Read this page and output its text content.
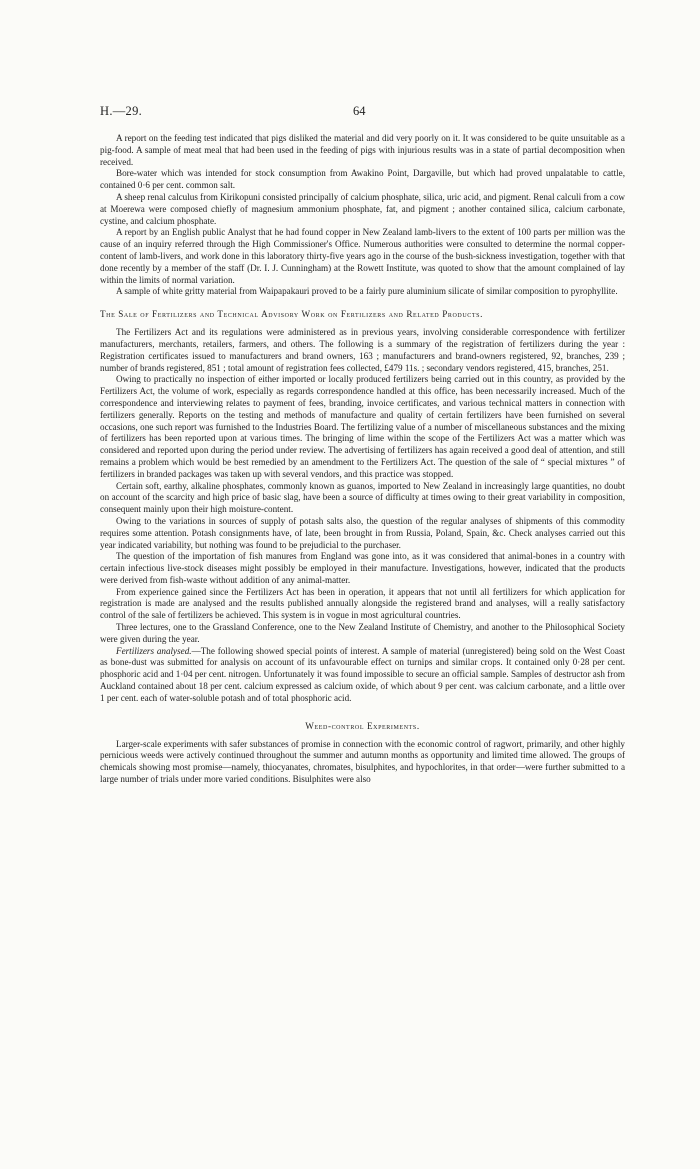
H.—29.	64

A report on the feeding test indicated that pigs disliked the material and did very poorly on it. It was considered to be quite unsuitable as a pig-food. A sample of meat meal that had been used in the feeding of pigs with injurious results was in a state of partial decomposition when received.

Bore-water which was intended for stock consumption from Awakino Point, Dargaville, but which had proved unpalatable to cattle, contained 0·6 per cent. common salt.

A sheep renal calculus from Kirikopuni consisted principally of calcium phosphate, silica, uric acid, and pigment. Renal calculi from a cow at Moerewa were composed chiefly of magnesium ammonium phosphate, fat, and pigment ; another contained silica, calcium carbonate, cystine, and calcium phosphate.

A report by an English public Analyst that he had found copper in New Zealand lamb-livers to the extent of 100 parts per million was the cause of an inquiry referred through the High Commissioner's Office. Numerous authorities were consulted to determine the normal copper-content of lamb-livers, and work done in this laboratory thirty-five years ago in the course of the bush-sickness investigation, together with that done recently by a member of the staff (Dr. I. J. Cunningham) at the Rowett Institute, was quoted to show that the amount complained of lay within the limits of normal variation.

A sample of white gritty material from Waipapakauri proved to be a fairly pure aluminium silicate of similar composition to pyrophyllite.

The Sale of Fertilizers and Technical Advisory Work on Fertilizers and Related Products.

The Fertilizers Act and its regulations were administered as in previous years, involving considerable correspondence with fertilizer manufacturers, merchants, retailers, farmers, and others. The following is a summary of the registration of fertilizers during the year : Registration certificates issued to manufacturers and brand owners, 163 ; manufacturers and brand-owners registered, 92, branches, 239 ; number of brands registered, 851 ; total amount of registration fees collected, £479 11s. ; secondary vendors registered, 415, branches, 251.

Owing to practically no inspection of either imported or locally produced fertilizers being carried out in this country, as provided by the Fertilizers Act, the volume of work, especially as regards correspondence handled at this office, has been necessarily increased. Much of the correspondence and interviewing relates to payment of fees, branding, invoice certificates, and various technical matters in connection with fertilizers generally. Reports on the testing and methods of manufacture and quality of certain fertilizers have been furnished on several occasions, one such report was furnished to the Industries Board. The fertilizing value of a number of miscellaneous substances and the mixing of fertilizers has been reported upon at various times. The bringing of lime within the scope of the Fertilizers Act was a matter which was considered and reported upon during the period under review. The advertising of fertilizers has again received a good deal of attention, and still remains a problem which would be best remedied by an amendment to the Fertilizers Act. The question of the sale of “ special mixtures ” of fertilizers in branded packages was taken up with several vendors, and this practice was stopped.

Certain soft, earthy, alkaline phosphates, commonly known as guanos, imported to New Zealand in increasingly large quantities, no doubt on account of the scarcity and high price of basic slag, have been a source of difficulty at times owing to their great variability in composition, consequent mainly upon their high moisture-content.

Owing to the variations in sources of supply of potash salts also, the question of the regular analyses of shipments of this commodity requires some attention. Potash consignments have, of late, been brought in from Russia, Poland, Spain, &c. Check analyses carried out this year indicated variability, but nothing was found to be prejudicial to the purchaser.

The question of the importation of fish manures from England was gone into, as it was considered that animal-bones in a country with certain infectious live-stock diseases might possibly be employed in their manufacture. Investigations, however, indicated that the products were derived from fish-waste without addition of any animal-matter.

From experience gained since the Fertilizers Act has been in operation, it appears that not until all fertilizers for which application for registration is made are analysed and the results published annually alongside the registered brand and analyses, will a really satisfactory control of the sale of fertilizers be achieved. This system is in vogue in most agricultural countries.

Three lectures, one to the Grassland Conference, one to the New Zealand Institute of Chemistry, and another to the Philosophical Society were given during the year.

Fertilizers analysed.—The following showed special points of interest. A sample of material (unregistered) being sold on the West Coast as bone-dust was submitted for analysis on account of its unfavourable effect on turnips and similar crops. It contained only 0·28 per cent. phosphoric acid and 1·04 per cent. nitrogen. Unfortunately it was found impossible to secure an official sample. Samples of destructor ash from Auckland contained about 18 per cent. calcium expressed as calcium oxide, of which about 9 per cent. was calcium carbonate, and a little over 1 per cent. each of water-soluble potash and of total phosphoric acid.

Weed-control Experiments.

Larger-scale experiments with safer substances of promise in connection with the economic control of ragwort, primarily, and other highly pernicious weeds were actively continued throughout the summer and autumn months as opportunity and limited time allowed. The groups of chemicals showing most promise—namely, thiocyanates, chromates, bisulphites, and hypochlorites, in that order—were further submitted to a large number of trials under more varied conditions. Bisulphites were also
